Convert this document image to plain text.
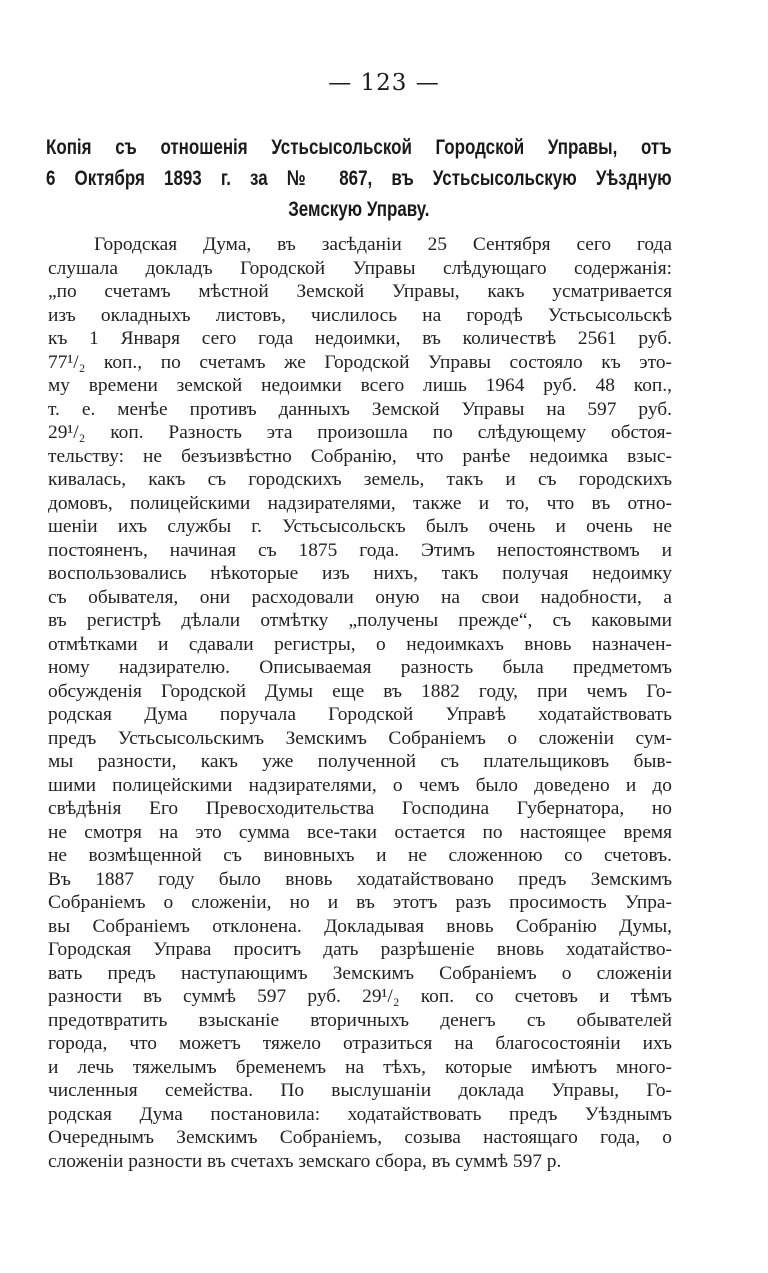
— 123 —
Копія съ отношенія Устьсысольской Городской Управы, отъ
6 Октября 1893 г. за № 867, въ Устьсысольскую Уѣздную
Земскую Управу.
Городская Дума, въ засѣданіи 25 Сентября сего года
слушала докладъ Городской Управы слѣдующаго содержанія:
„по счетамъ мѣстной Земской Управы, какъ усматривается
изъ окладныхъ листовъ, числилось на городѣ Устьсысольскѣ
къ 1 Января сего года недоимки, въ количествѣ 2561 руб.
77¹/₂ коп., по счетамъ же Городской Управы состояло къ это-
му времени земской недоимки всего лишь 1964 руб. 48 коп.,
т. е. менѣе противъ данныхъ Земской Управы на 597 руб.
29¹/₂ коп. Разность эта произошла по слѣдующему обстоя-
тельству: не безъизвѣстно Собранію, что ранѣе недоимка взыс-
кивалась, какъ съ городскихъ земель, такъ и съ городскихъ
домовъ, полицейскими надзирателями, также и то, что въ отно-
шеніи ихъ службы г. Устьсысольскъ былъ очень и очень не
постояненъ, начиная съ 1875 года. Этимъ непостоянствомъ и
воспользовались нѣкоторые изъ нихъ, такъ получая недоимку
съ обывателя, они расходовали оную на свои надобности, а
въ регистрѣ дѣлали отмѣтку „получены прежде“, съ каковыми
отмѣтками и сдавали регистры, о недоимкахъ вновь назначен-
ному надзирателю. Описываемая разность была предметомъ
обсужденія Городской Думы еще въ 1882 году, при чемъ Го-
родская Дума поручала Городской Управѣ ходатайствовать
предъ Устьсысольскимъ Земскимъ Собраніемъ о сложеніи сум-
мы разности, какъ уже полученной съ плательщиковъ быв-
шими полицейскими надзирателями, о чемъ было доведено и до
свѣдѣнія Его Превосходительства Господина Губернатора, но
не смотря на это сумма все-таки остается по настоящее время
не возмѣщенной съ виновныхъ и не сложенною со счетовъ.
Въ 1887 году было вновь ходатайствовано предъ Земскимъ
Собраніемъ о сложеніи, но и въ этотъ разъ просимость Упра-
вы Собраніемъ отклонена. Докладывая вновь Собранію Думы,
Городская Управа проситъ дать разрѣшеніе вновь ходатайство-
вать предъ наступающимъ Земскимъ Собраніемъ о сложеніи
разности въ суммѣ 597 руб. 29¹/₂ коп. со счетовъ и тѣмъ
предотвратить взысканіе вторичныхъ денегъ съ обывателей
города, что можетъ тяжело отразиться на благосостояніи ихъ
и лечь тяжелымъ бременемъ на тѣхъ, которые имѣютъ много-
численныя семейства. По выслушаніи доклада Управы, Го-
родская Дума постановила: ходатайствовать предъ Уѣзднымъ
Очереднымъ Земскимъ Собраніемъ, созыва настоящаго года, о
сложеніи разности въ счетахъ земскаго сбора, въ суммѣ 597 р.
